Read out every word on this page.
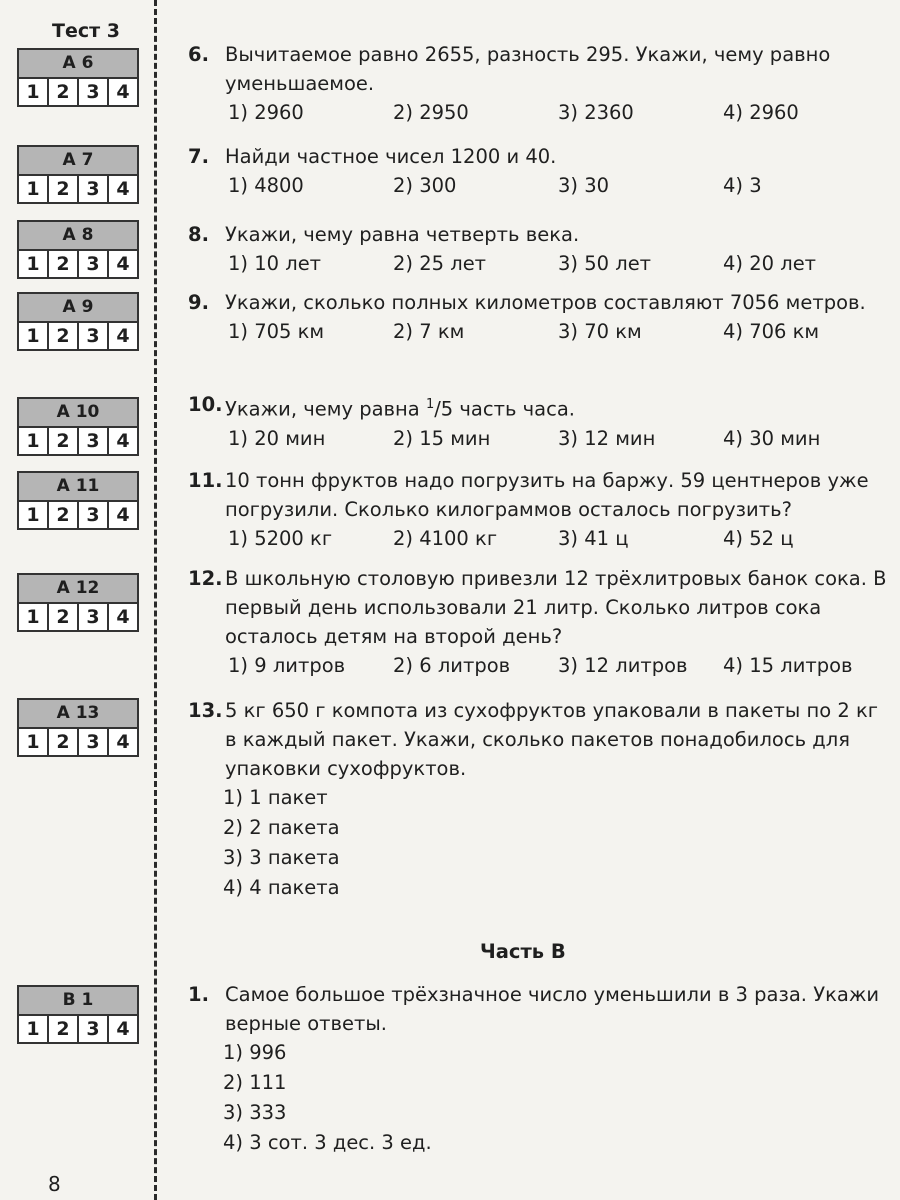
Тест 3
А 6
1 2 3 4
А 7
1 2 3 4
А 8
1 2 3 4
А 9
1 2 3 4
А 10
1 2 3 4
А 11
1 2 3 4
А 12
1 2 3 4
А 13
1 2 3 4
В 1
1 2 3 4
8
6. Вычитаемое равно 2655, разность 295. Укажи, чему равно уменьшаемое.
1) 2960	2) 2950	3) 2360	4) 2960
7. Найди частное чисел 1200 и 40.
1) 4800	2) 300	3) 30	4) 3
8. Укажи, чему равна четверть века.
1) 10 лет	2) 25 лет	3) 50 лет	4) 20 лет
9. Укажи, сколько полных километров составляют 7056 метров.
1) 705 км	2) 7 км	3) 70 км	4) 706 км
10. Укажи, чему равна $^1$/5 часть часа.
1) 20 мин	2) 15 мин	3) 12 мин	4) 30 мин
11. 10 тонн фруктов надо погрузить на баржу. 59 центнеров уже погрузили. Сколько килограммов осталось погрузить?
1) 5200 кг	2) 4100 кг	3) 41 ц	4) 52 ц
12. В школьную столовую привезли 12 трёхлитровых банок сока. В первый день использовали 21 литр. Сколько литров сока осталось детям на второй день?
1) 9 литров 2) 6 литров 3) 12 литров 4) 15 литров
13. 5 кг 650 г компота из сухофруктов упаковали в пакеты по 2 кг в каждый пакет. Укажи, сколько пакетов понадобилось для упаковки сухофруктов.
1) 1 пакет
2) 2 пакета
3) 3 пакета
4) 4 пакета
Часть В
1. Самое большое трёхзначное число уменьшили в 3 раза. Укажи верные ответы.
1) 996
2) 111
3) 333
4) 3 сот. 3 дес. 3 ед.
